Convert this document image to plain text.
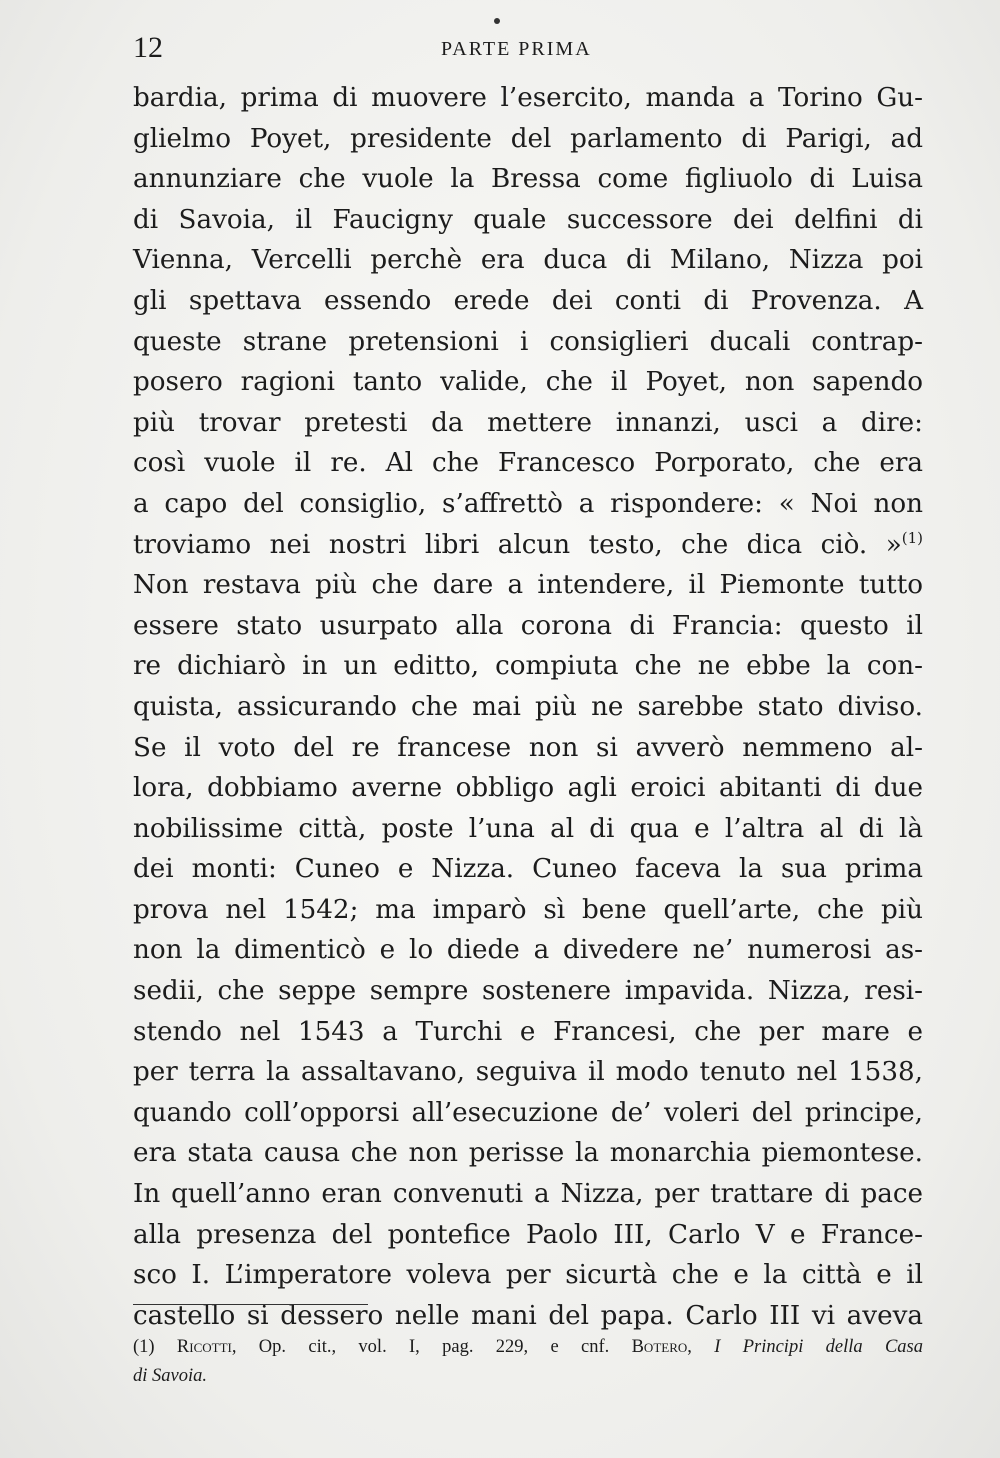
12	PARTE PRIMA
bardia, prima di muovere l’esercito, manda a Torino Gu-
glielmo Poyet, presidente del parlamento di Parigi, ad
annunziare che vuole la Bressa come figliuolo di Luisa
di Savoia, il Faucigny quale successore dei delfini di
Vienna, Vercelli perchè era duca di Milano, Nizza poi
gli spettava essendo erede dei conti di Provenza. A
queste strane pretensioni i consiglieri ducali contrap-
posero ragioni tanto valide, che il Poyet, non sapendo
più trovar pretesti da mettere innanzi, usci a dire:
così vuole il re. Al che Francesco Porporato, che era
a capo del consiglio, s’affrettò a rispondere: « Noi non
troviamo nei nostri libri alcun testo, che dica ciò. »$^{(1)}$
Non restava più che dare a intendere, il Piemonte tutto
essere stato usurpato alla corona di Francia: questo il
re dichiarò in un editto, compiuta che ne ebbe la con-
quista, assicurando che mai più ne sarebbe stato diviso.
Se il voto del re francese non si avverò nemmeno al-
lora, dobbiamo averne obbligo agli eroici abitanti di due
nobilissime città, poste l’una al di qua e l’altra al di là
dei monti: Cuneo e Nizza. Cuneo faceva la sua prima
prova nel 1542; ma imparò sì bene quell’arte, che più
non la dimenticò e lo diede a divedere ne’ numerosi as-
sedii, che seppe sempre sostenere impavida. Nizza, resi-
stendo nel 1543 a Turchi e Francesi, che per mare e
per terra la assaltavano, seguiva il modo tenuto nel 1538,
quando coll’opporsi all’esecuzione de’ voleri del principe,
era stata causa che non perisse la monarchia piemontese.
In quell’anno eran convenuti a Nizza, per trattare di pace
alla presenza del pontefice Paolo III, Carlo V e France-
sco I. L’imperatore voleva per sicurtà che e la città e il
castello si dessero nelle mani del papa. Carlo III vi aveva
(1) Ricotti, Op. cit., vol. I, pag. 229, e cnf. Botero, I Principi della Casa
di Savoia.
